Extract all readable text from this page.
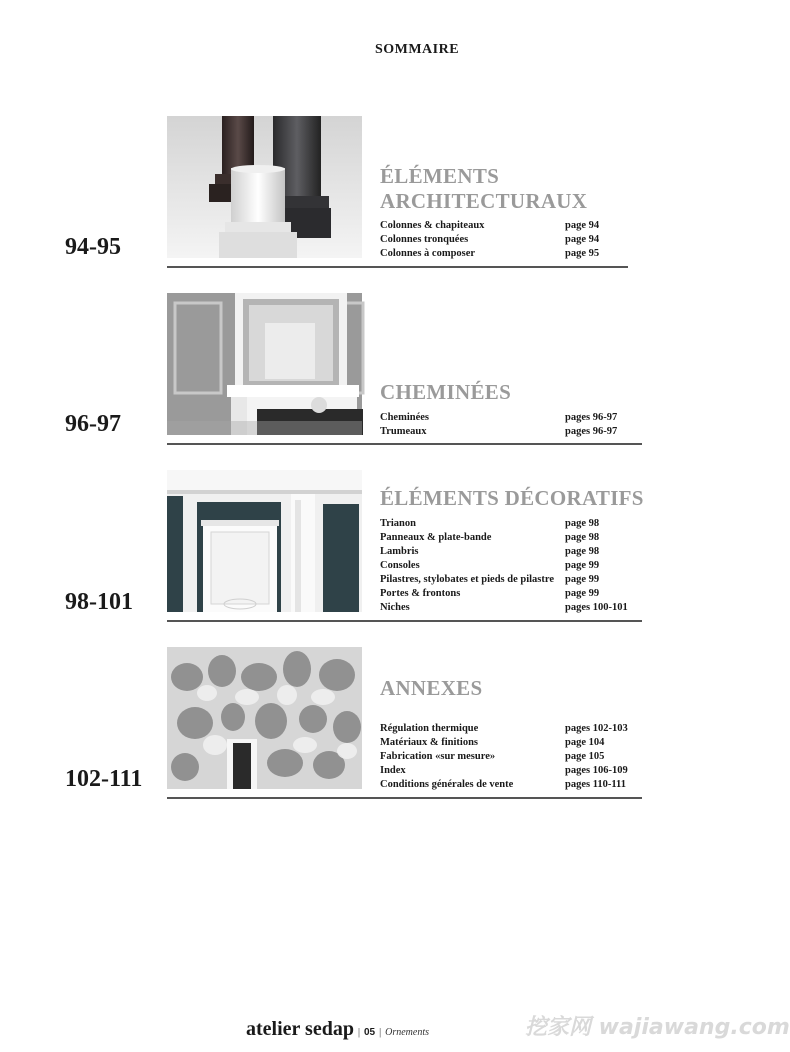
SOMMAIRE
94-95
ÉLÉMENTS
ARCHITECTURAUX
Colonnes & chapiteaux	page 94
Colonnes tronquées	page 94
Colonnes à composer	page 95
96-97
CHEMINÉES
Cheminées	pages 96-97
Trumeaux	pages 96-97
98-101
ÉLÉMENTS DÉCORATIFS
Trianon	page 98
Panneaux & plate-bande	page 98
Lambris	page 98
Consoles	page 99
Pilastres, stylobates et pieds de pilastre page 99
Portes & frontons	page 99
Niches	pages 100-101
102-111
ANNEXES
Régulation thermique	pages 102-103
Matériaux & finitions	page 104
Fabrication «sur mesure»	page 105
Index	pages 106-109
Conditions générales de vente	pages 110-111
atelier sedap | 05 | Ornements	挖家网 wajiawang.com
